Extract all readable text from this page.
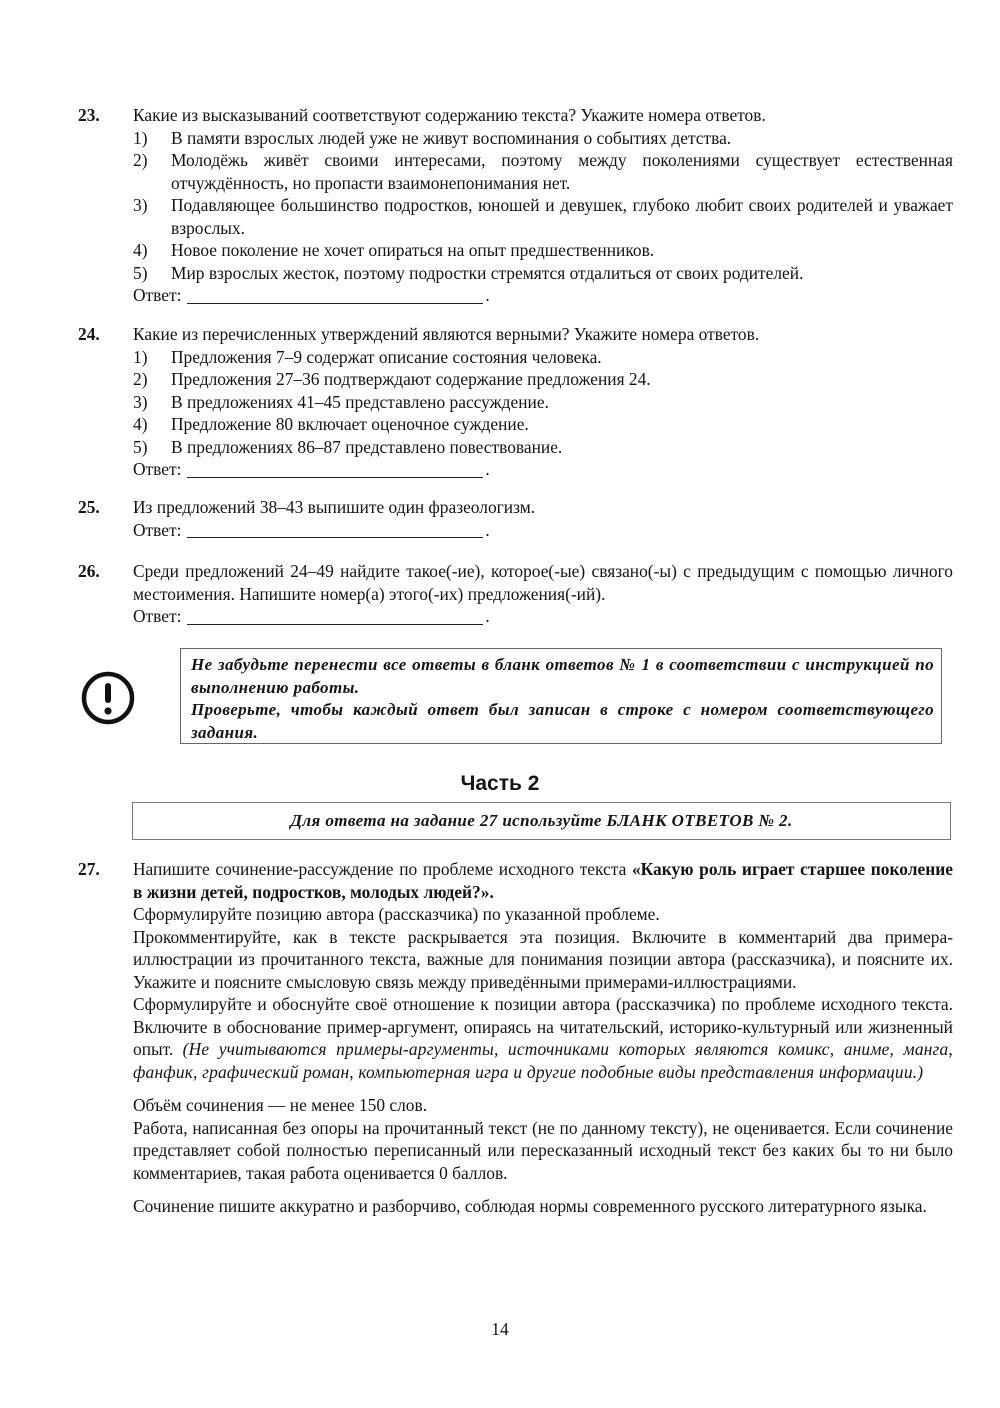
23. Какие из высказываний соответствуют содержанию текста? Укажите номера ответов.
1)	В памяти взрослых людей уже не живут воспоминания о событиях детства.
2)	Молодёжь живёт своими интересами, поэтому между поколениями существует естественная отчуждённость, но пропасти взаимонепонимания нет.
3)	Подавляющее большинство подростков, юношей и девушек, глубоко любит своих родителей и уважает взрослых.
4)	Новое поколение не хочет опираться на опыт предшественников.
5)	Мир взрослых жесток, поэтому подростки стремятся отдалиться от своих родителей.
Ответ:	.
24. Какие из перечисленных утверждений являются верными? Укажите номера ответов.
1)	Предложения 7–9 содержат описание состояния человека.
2)	Предложения 27–36 подтверждают содержание предложения 24.
3)	В предложениях 41–45 представлено рассуждение.
4)	Предложение 80 включает оценочное суждение.
5)	В предложениях 86–87 представлено повествование.
Ответ:	.
25. Из предложений 38–43 выпишите один фразеологизм.
Ответ:	.
26. Среди предложений 24–49 найдите такое(-ие), которое(-ые) связано(-ы) с предыдущим с помощью личного местоимения. Напишите номер(а) этого(-их) предложения(-ий).
Ответ:	.
Не забудьте перенести все ответы в бланк ответов № 1 в соответствии с инструкцией по выполнению работы.
Проверьте, чтобы каждый ответ был записан в строке с номером соответствующего задания.
Часть 2
Для ответа на задание 27 используйте БЛАНК ОТВЕТОВ № 2.
27. Напишите сочинение-рассуждение по проблеме исходного текста «Какую роль играет старшее поколение в жизни детей, подростков, молодых людей?».
Сформулируйте позицию автора (рассказчика) по указанной проблеме.
Прокомментируйте, как в тексте раскрывается эта позиция. Включите в комментарий два примера-иллюстрации из прочитанного текста, важные для понимания позиции автора (рассказчика), и поясните их. Укажите и поясните смысловую связь между приведёнными примерами-иллюстрациями.
Сформулируйте и обоснуйте своё отношение к позиции автора (рассказчика) по проблеме исходного текста. Включите в обоснование пример-аргумент, опираясь на читательский, историко-культурный или жизненный опыт. (Не учитываются примеры-аргументы, источниками которых являются комикс, аниме, манга, фанфик, графический роман, компьютерная игра и другие подобные виды представления информации.)
Объём сочинения — не менее 150 слов.
Работа, написанная без опоры на прочитанный текст (не по данному тексту), не оценивается. Если сочинение представляет собой полностью переписанный или пересказанный исходный текст без каких бы то ни было комментариев, такая работа оценивается 0 баллов.
Сочинение пишите аккуратно и разборчиво, соблюдая нормы современного русского литературного языка.
14
